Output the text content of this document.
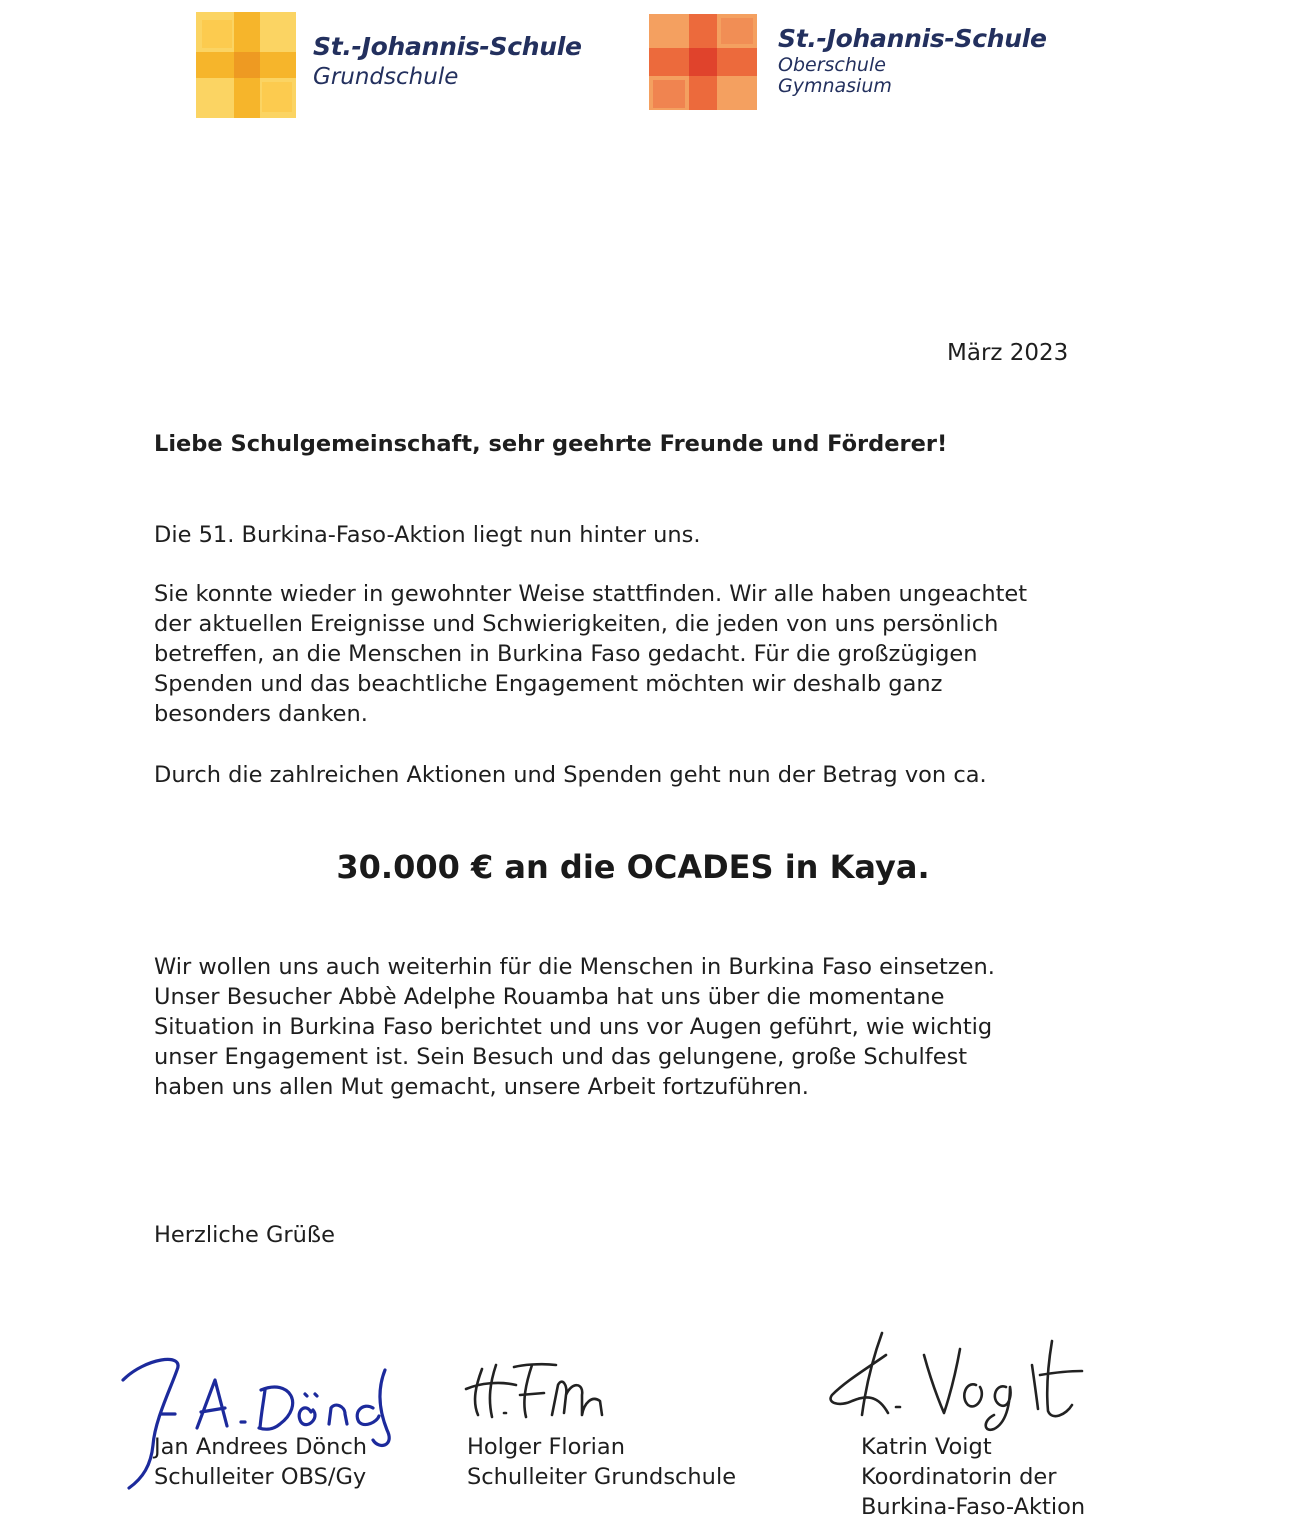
St.-Johannis-Schule
Grundschule
St.-Johannis-Schule
Oberschule
Gymnasium
März 2023
Liebe Schulgemeinschaft, sehr geehrte Freunde und Förderer!
Die 51. Burkina-Faso-Aktion liegt nun hinter uns.
Sie konnte wieder in gewohnter Weise stattfinden. Wir alle haben ungeachtet
der aktuellen Ereignisse und Schwierigkeiten, die jeden von uns persönlich
betreffen, an die Menschen in Burkina Faso gedacht. Für die großzügigen
Spenden und das beachtliche Engagement möchten wir deshalb ganz
besonders danken.
Durch die zahlreichen Aktionen und Spenden geht nun der Betrag von ca.
30.000 € an die OCADES in Kaya.
Wir wollen uns auch weiterhin für die Menschen in Burkina Faso einsetzen.
Unser Besucher Abbè Adelphe Rouamba hat uns über die momentane
Situation in Burkina Faso berichtet und uns vor Augen geführt, wie wichtig
unser Engagement ist. Sein Besuch und das gelungene, große Schulfest
haben uns allen Mut gemacht, unsere Arbeit fortzuführen.
Herzliche Grüße
Jan Andrees Dönch
Schulleiter OBS/Gy
Holger Florian
Schulleiter Grundschule
Katrin Voigt
Koordinatorin der
Burkina-Faso-Aktion
